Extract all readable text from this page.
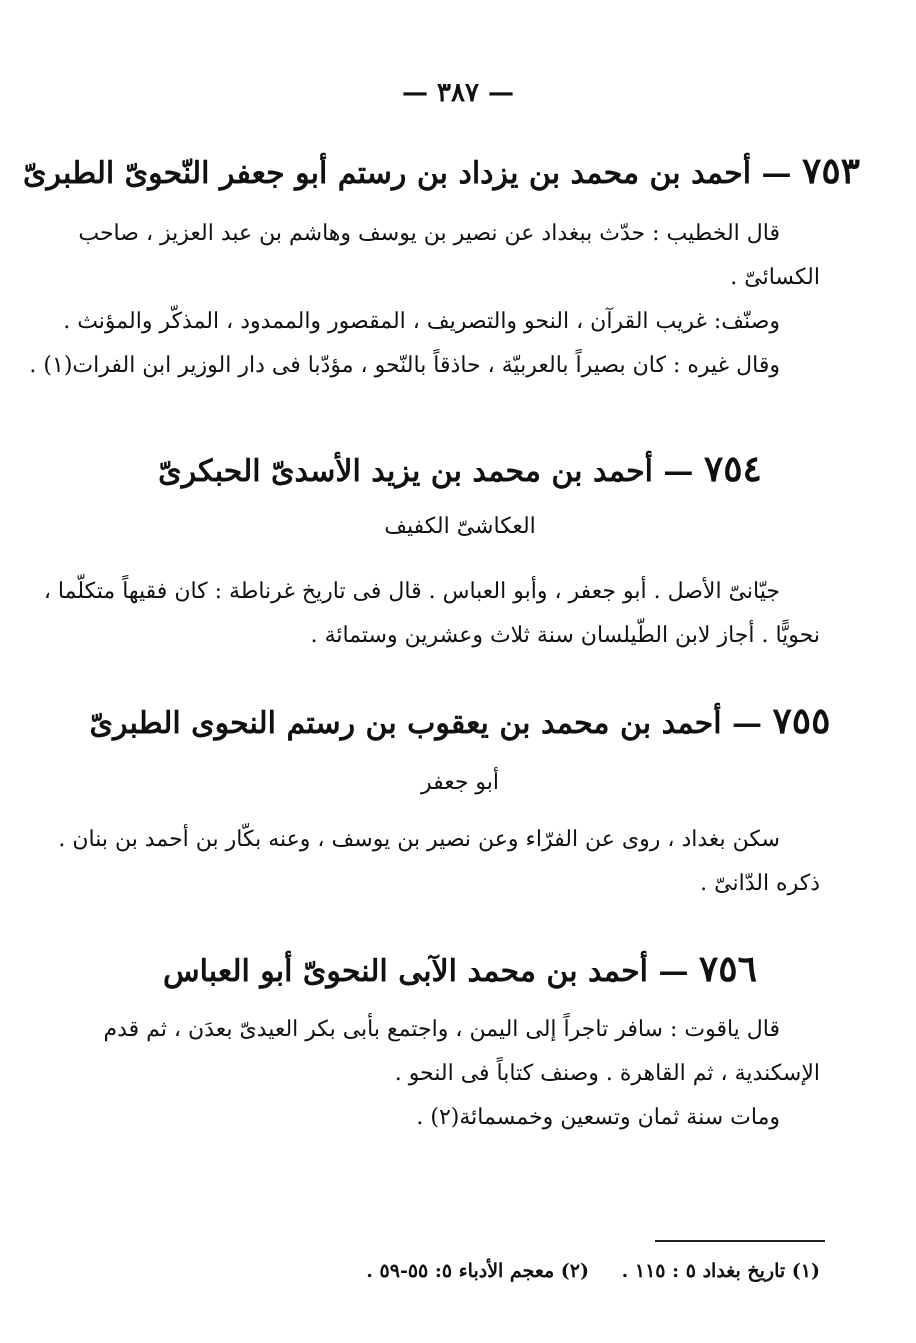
— ٣٨٧ —
٧٥٣ — أحمد بن محمد بن يزداد بن رستم أبو جعفر النّحوىّ الطبرىّ
قال الخطيب : حدّث ببغداد عن نصير بن يوسف وهاشم بن عبد العزيز ، صاحب
الكسائىّ .
وصنّف: غريب القرآن ، النحو والتصريف ، المقصور والممدود ، المذكّر والمؤنث .
وقال غيره : كان بصيراً بالعربيّة ، حاذقاً بالنّحو ، مؤدّبا فى دار الوزير ابن الفرات(١) .
٧٥٤ — أحمد بن محمد بن يزيد الأسدىّ الحبكرىّ
العكاشىّ الكفيف
جيّانىّ الأصل . أبو جعفر ، وأبو العباس . قال فى تاريخ غرناطة : كان فقيهاً متكلّما ،
نحويًّا . أجاز لابن الطّيلسان سنة ثلاث وعشرين وستمائة .
٧٥٥ — أحمد بن محمد بن يعقوب بن رستم النحوى الطبرىّ
أبو جعفر
سكن بغداد ، روى عن الفرّاء وعن نصير بن يوسف ، وعنه بكّار بن أحمد بن بنان .
ذكره الدّانىّ .
٧٥٦ — أحمد بن محمد الآبى النحوىّ أبو العباس
قال ياقوت : سافر تاجراً إلى اليمن ، واجتمع بأبى بكر العيدىّ بعدَن ، ثم قدم
الإسكندية ، ثم القاهرة . وصنف كتاباً فى النحو .
ومات سنة ثمان وتسعين وخمسمائة(٢) .
(١) تاريخ بغداد ٥ : ١١٥ . (٢) معجم الأدباء ٥: ٥٥-٥٩ .
